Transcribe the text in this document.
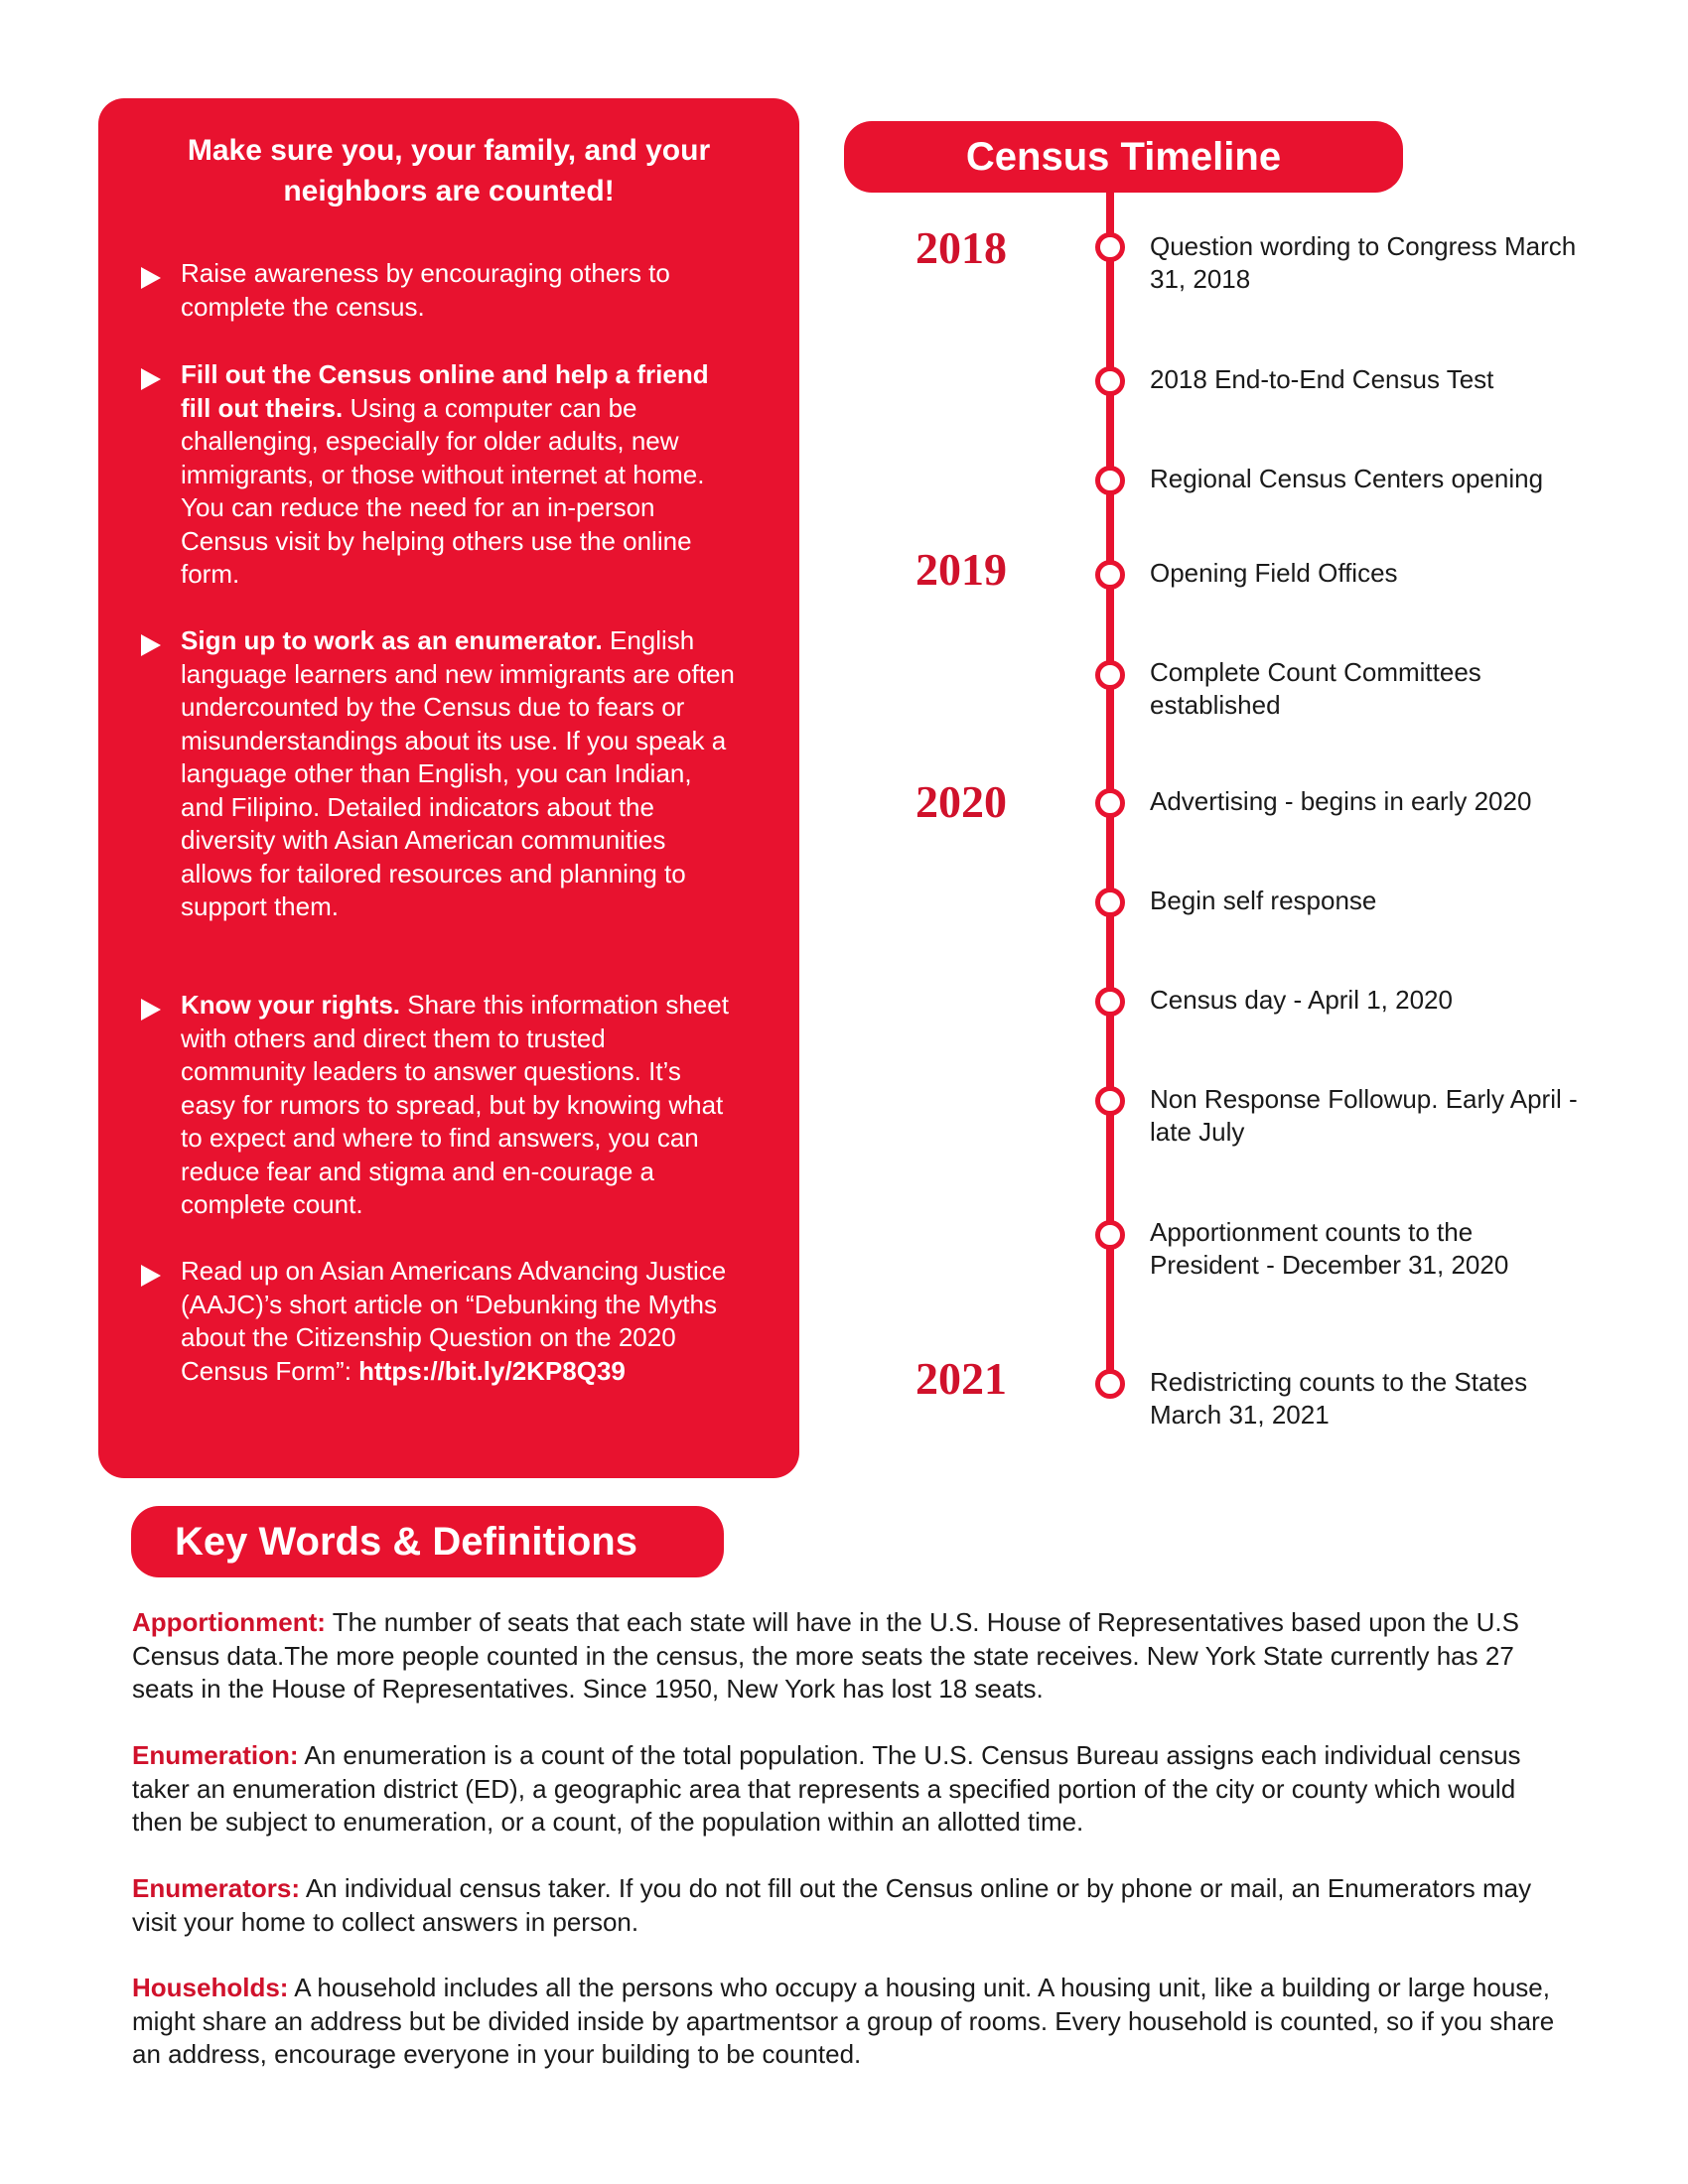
Make sure you, your family, and your neighbors are counted!
Raise awareness by encouraging others to complete the census.
Fill out the Census online and help a friend fill out theirs. Using a computer can be challenging, especially for older adults, new immigrants, or those without internet at home. You can reduce the need for an in-person Census visit by helping others use the online form.
Sign up to work as an enumerator. English language learners and new immigrants are often undercounted by the Census due to fears or misunderstandings about its use. If you speak a language other than English, you can Indian, and Filipino. Detailed indicators about the diversity with Asian American communities allows for tailored resources and planning to support them.
Know your rights. Share this information sheet with others and direct them to trusted community leaders to answer questions. It’s easy for rumors to spread, but by knowing what to expect and where to find answers, you can reduce fear and stigma and en-courage a complete count.
Read up on Asian Americans Advancing Justice (AAJC)’s short article on “Debunking the Myths about the Citizenship Question on the 2020 Census Form”: https://bit.ly/2KP8Q39
Census Timeline
2018
2019
2020
2021
Question wording to Congress March 31, 2018
2018 End-to-End Census Test
Regional Census Centers opening
Opening Field Offices
Complete Count Committees established
Advertising - begins in early 2020
Begin self response
Census day - April 1, 2020
Non Response Followup. Early April - late July
Apportionment counts to the President - December 31, 2020
Redistricting counts to the States March 31, 2021
Key Words & Definitions
Apportionment: The number of seats that each state will have in the U.S. House of Representatives based upon the U.S Census data.The more people counted in the census, the more seats the state receives. New York State currently has 27 seats in the House of Representatives. Since 1950, New York has lost 18 seats.
Enumeration: An enumeration is a count of the total population. The U.S. Census Bureau assigns each individual census taker an enumeration district (ED), a geographic area that represents a specified portion of the city or county which would then be subject to enumeration, or a count, of the population within an allotted time.
Enumerators: An individual census taker. If you do not fill out the Census online or by phone or mail, an Enumerators may visit your home to collect answers in person.
Households: A household includes all the persons who occupy a housing unit. A housing unit, like a building or large house, might share an address but be divided inside by apartmentsor a group of rooms. Every household is counted, so if you share an address, encourage everyone in your building to be counted.
